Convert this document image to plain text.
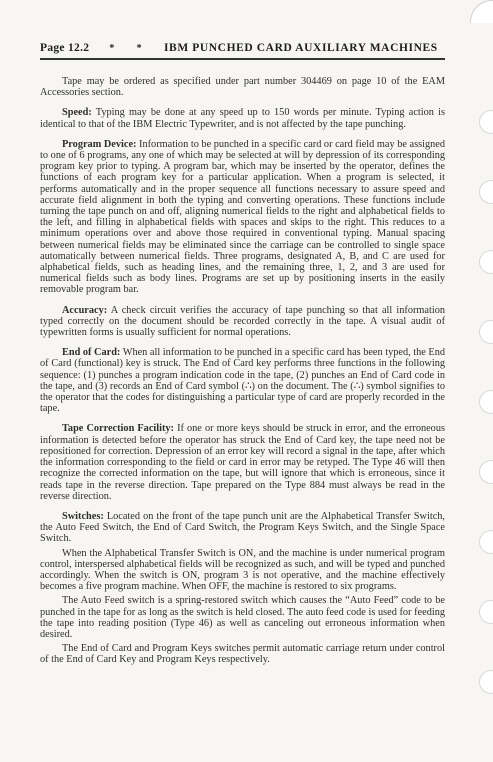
Page 12.2 * * IBM PUNCHED CARD AUXILIARY MACHINES

Tape may be ordered as specified under part number 304469 on page 10 of the EAM Accessories section.

Speed: Typing may be done at any speed up to 150 words per minute. Typing action is identical to that of the IBM Electric Typewriter, and is not affected by the tape punching.

Program Device: Information to be punched in a specific card or card field may be assigned to one of 6 programs, any one of which may be selected at will by depression of its corresponding program key prior to typing. A program bar, which may be inserted by the operator, defines the functions of each program key for a particular application. When a program is selected, it performs automatically and in the proper sequence all functions necessary to assure speed and accurate field alignment in both the typing and converting operations. These functions include turning the tape punch on and off, aligning numerical fields to the right and alphabetical fields to the left, and filling in alphabetical fields with spaces and skips to the right. This reduces to a minimum operations over and above those required in conventional typing. Manual spacing between numerical fields may be eliminated since the carriage can be controlled to single space automatically between numerical fields. Three programs, designated A, B, and C are used for alphabetical fields, such as heading lines, and the remaining three, 1, 2, and 3 are used for numerical fields such as body lines. Programs are set up by positioning inserts in the easily removable program bar.

Accuracy: A check circuit verifies the accuracy of tape punching so that all information typed correctly on the document should be recorded correctly in the tape. A visual audit of typewritten forms is usually sufficient for normal operations.

End of Card: When all information to be punched in a specific card has been typed, the End of Card (functional) key is struck. The End of Card key performs three functions in the following sequence: (1) punches a program indication code in the tape, (2) punches an End of Card code in the tape, and (3) records an End of Card symbol (∴) on the document. The (∴) symbol signifies to the operator that the codes for distinguishing a particular type of card are properly recorded in the tape.

Tape Correction Facility: If one or more keys should be struck in error, and the erroneous information is detected before the operator has struck the End of Card key, the tape need not be repositioned for correction. Depression of an error key will record a signal in the tape, after which the information corresponding to the field or card in error may be retyped. The Type 46 will then recognize the corrected information on the tape, but will ignore that which is erroneous, since it reads tape in the reverse direction. Tape prepared on the Type 884 must always be read in the reverse direction.

Switches: Located on the front of the tape punch unit are the Alphabetical Transfer Switch, the Auto Feed Switch, the End of Card Switch, the Program Keys Switch, and the Single Space Switch.

When the Alphabetical Transfer Switch is ON, and the machine is under numerical program control, interspersed alphabetical fields will be recognized as such, and will be typed and punched accordingly. When the switch is ON, program 3 is not operative, and the machine effectively becomes a five program machine. When OFF, the machine is restored to six programs.

The Auto Feed switch is a spring-restored switch which causes the “Auto Feed” code to be punched in the tape for as long as the switch is held closed. The auto feed code is used for feeding the tape into reading position (Type 46) as well as canceling out erroneous information when desired.

The End of Card and Program Keys switches permit automatic carriage return under control of the End of Card Key and Program Keys respectively.
